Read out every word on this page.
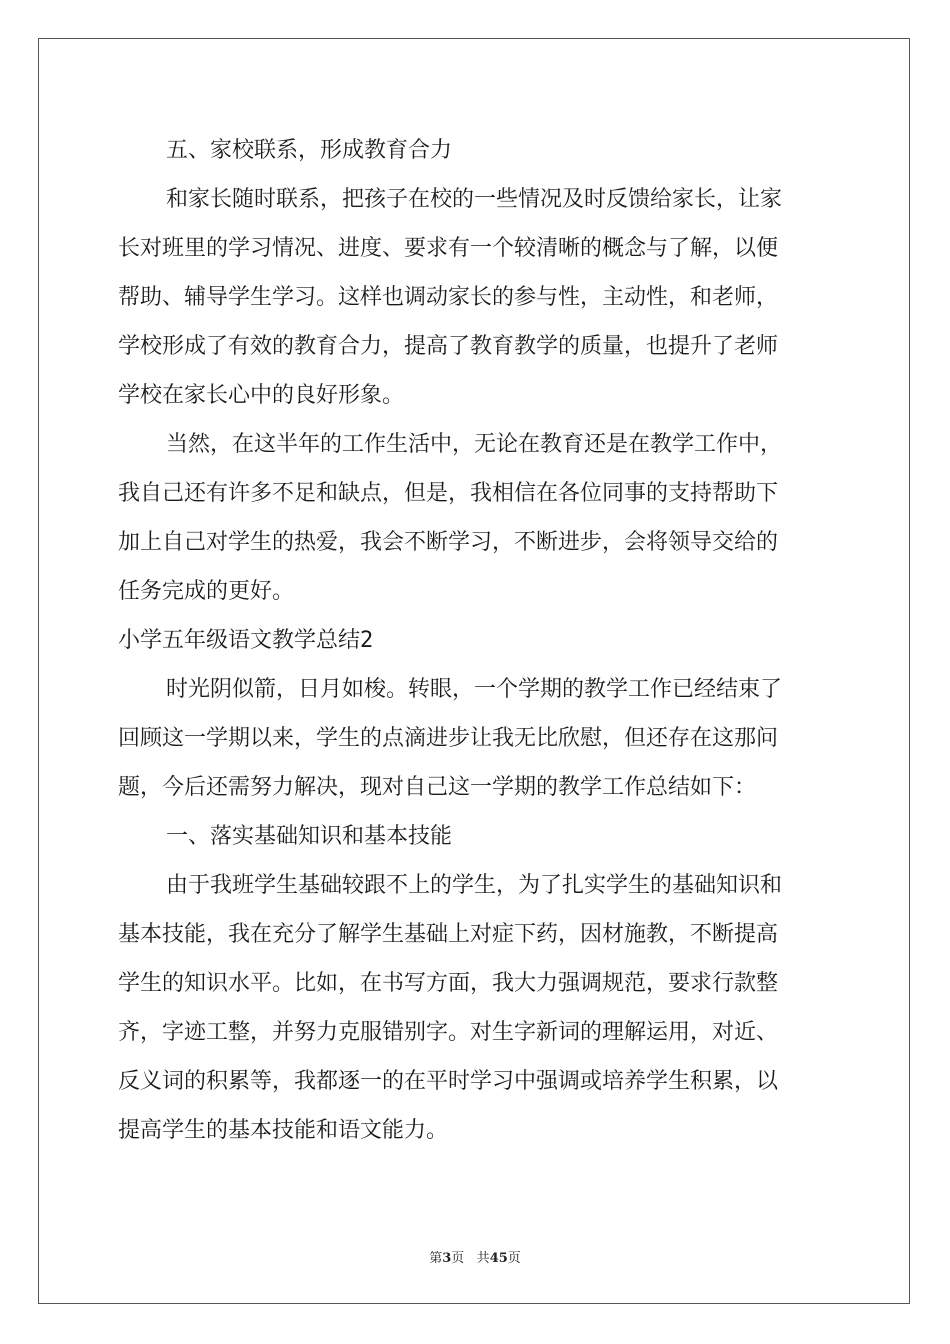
五、家校联系，形成教育合力
和家长随时联系，把孩子在校的一些情况及时反馈给家长，让家
长对班里的学习情况、进度、要求有一个较清晰的概念与了解，以便
帮助、辅导学生学习。这样也调动家长的参与性，主动性，和老师，
学校形成了有效的教育合力，提高了教育教学的质量，也提升了老师
学校在家长心中的良好形象。
当然，在这半年的工作生活中，无论在教育还是在教学工作中，
我自己还有许多不足和缺点，但是，我相信在各位同事的支持帮助下
加上自己对学生的热爱，我会不断学习，不断进步，会将领导交给的
任务完成的更好。
小学五年级语文教学总结2
时光阴似箭，日月如梭。转眼，一个学期的教学工作已经结束了
回顾这一学期以来，学生的点滴进步让我无比欣慰，但还存在这那问
题，今后还需努力解决，现对自己这一学期的教学工作总结如下：
一、落实基础知识和基本技能
由于我班学生基础较跟不上的学生，为了扎实学生的基础知识和
基本技能，我在充分了解学生基础上对症下药，因材施教，不断提高
学生的知识水平。比如，在书写方面，我大力强调规范，要求行款整
齐，字迹工整，并努力克服错别字。对生字新词的理解运用，对近、
反义词的积累等，我都逐一的在平时学习中强调或培养学生积累，以
提高学生的基本技能和语文能力。
第3页 共45页
